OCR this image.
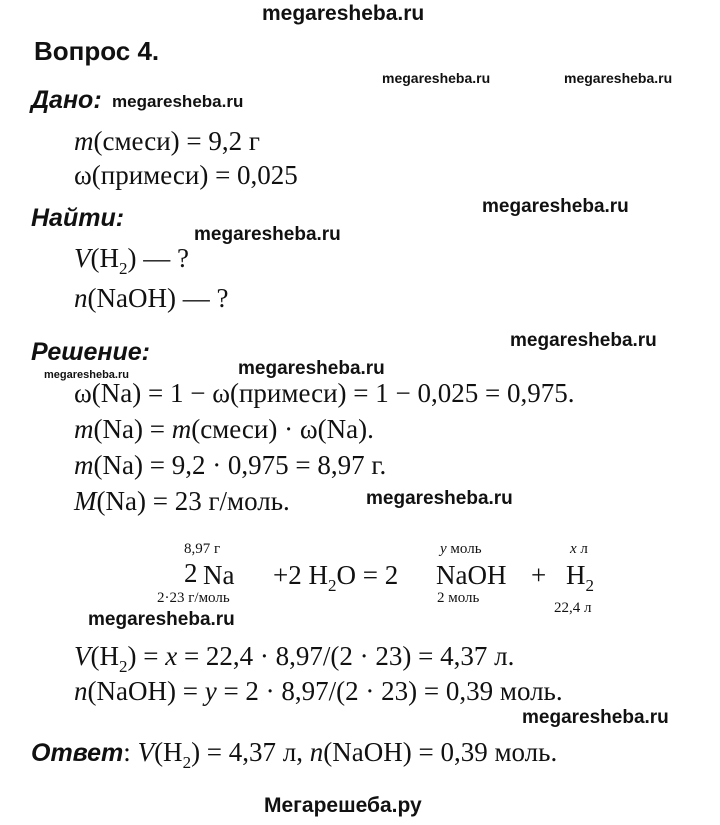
megaresheba.ru
megaresheba.ru	megaresheba.ru
megaresheba.ru
megaresheba.ru
megaresheba.ru
megaresheba.ru
megaresheba.ru
megaresheba.ru
megaresheba.ru
megaresheba.ru
megaresheba.ru
Мегарешеба.ру
Вопрос 4.
Дано:
m(смеси) = 9,2 г
ω(примеси) = 0,025
Найти:
$V(H_2)$ — ?
n(NaOH) — ?
Решение:
ω(Na) = 1 − ω(примеси) = 1 − 0,025 = 0,975.
m(Na) = m(смеси) · ω(Na).
m(Na) = 9,2 · 0,975 = 8,97 г.
M(Na) = 23 г/моль.
8,97 г
2 Na
2·23 г/моль
+2 $H_2O = 2$
y моль
NaOH
2 моль
+
x л
$H_2$
22,4 л
$V(H_2) = x = 22,4 \cdot 8,97/(2 \cdot 23) = 4,37$ л.
n(NaOH) = y = 2 · 8,97/(2 · 23) = 0,39 моль.
Ответ: $V(H_2) = 4,37$ л, n(NaOH) = 0,39 моль.
